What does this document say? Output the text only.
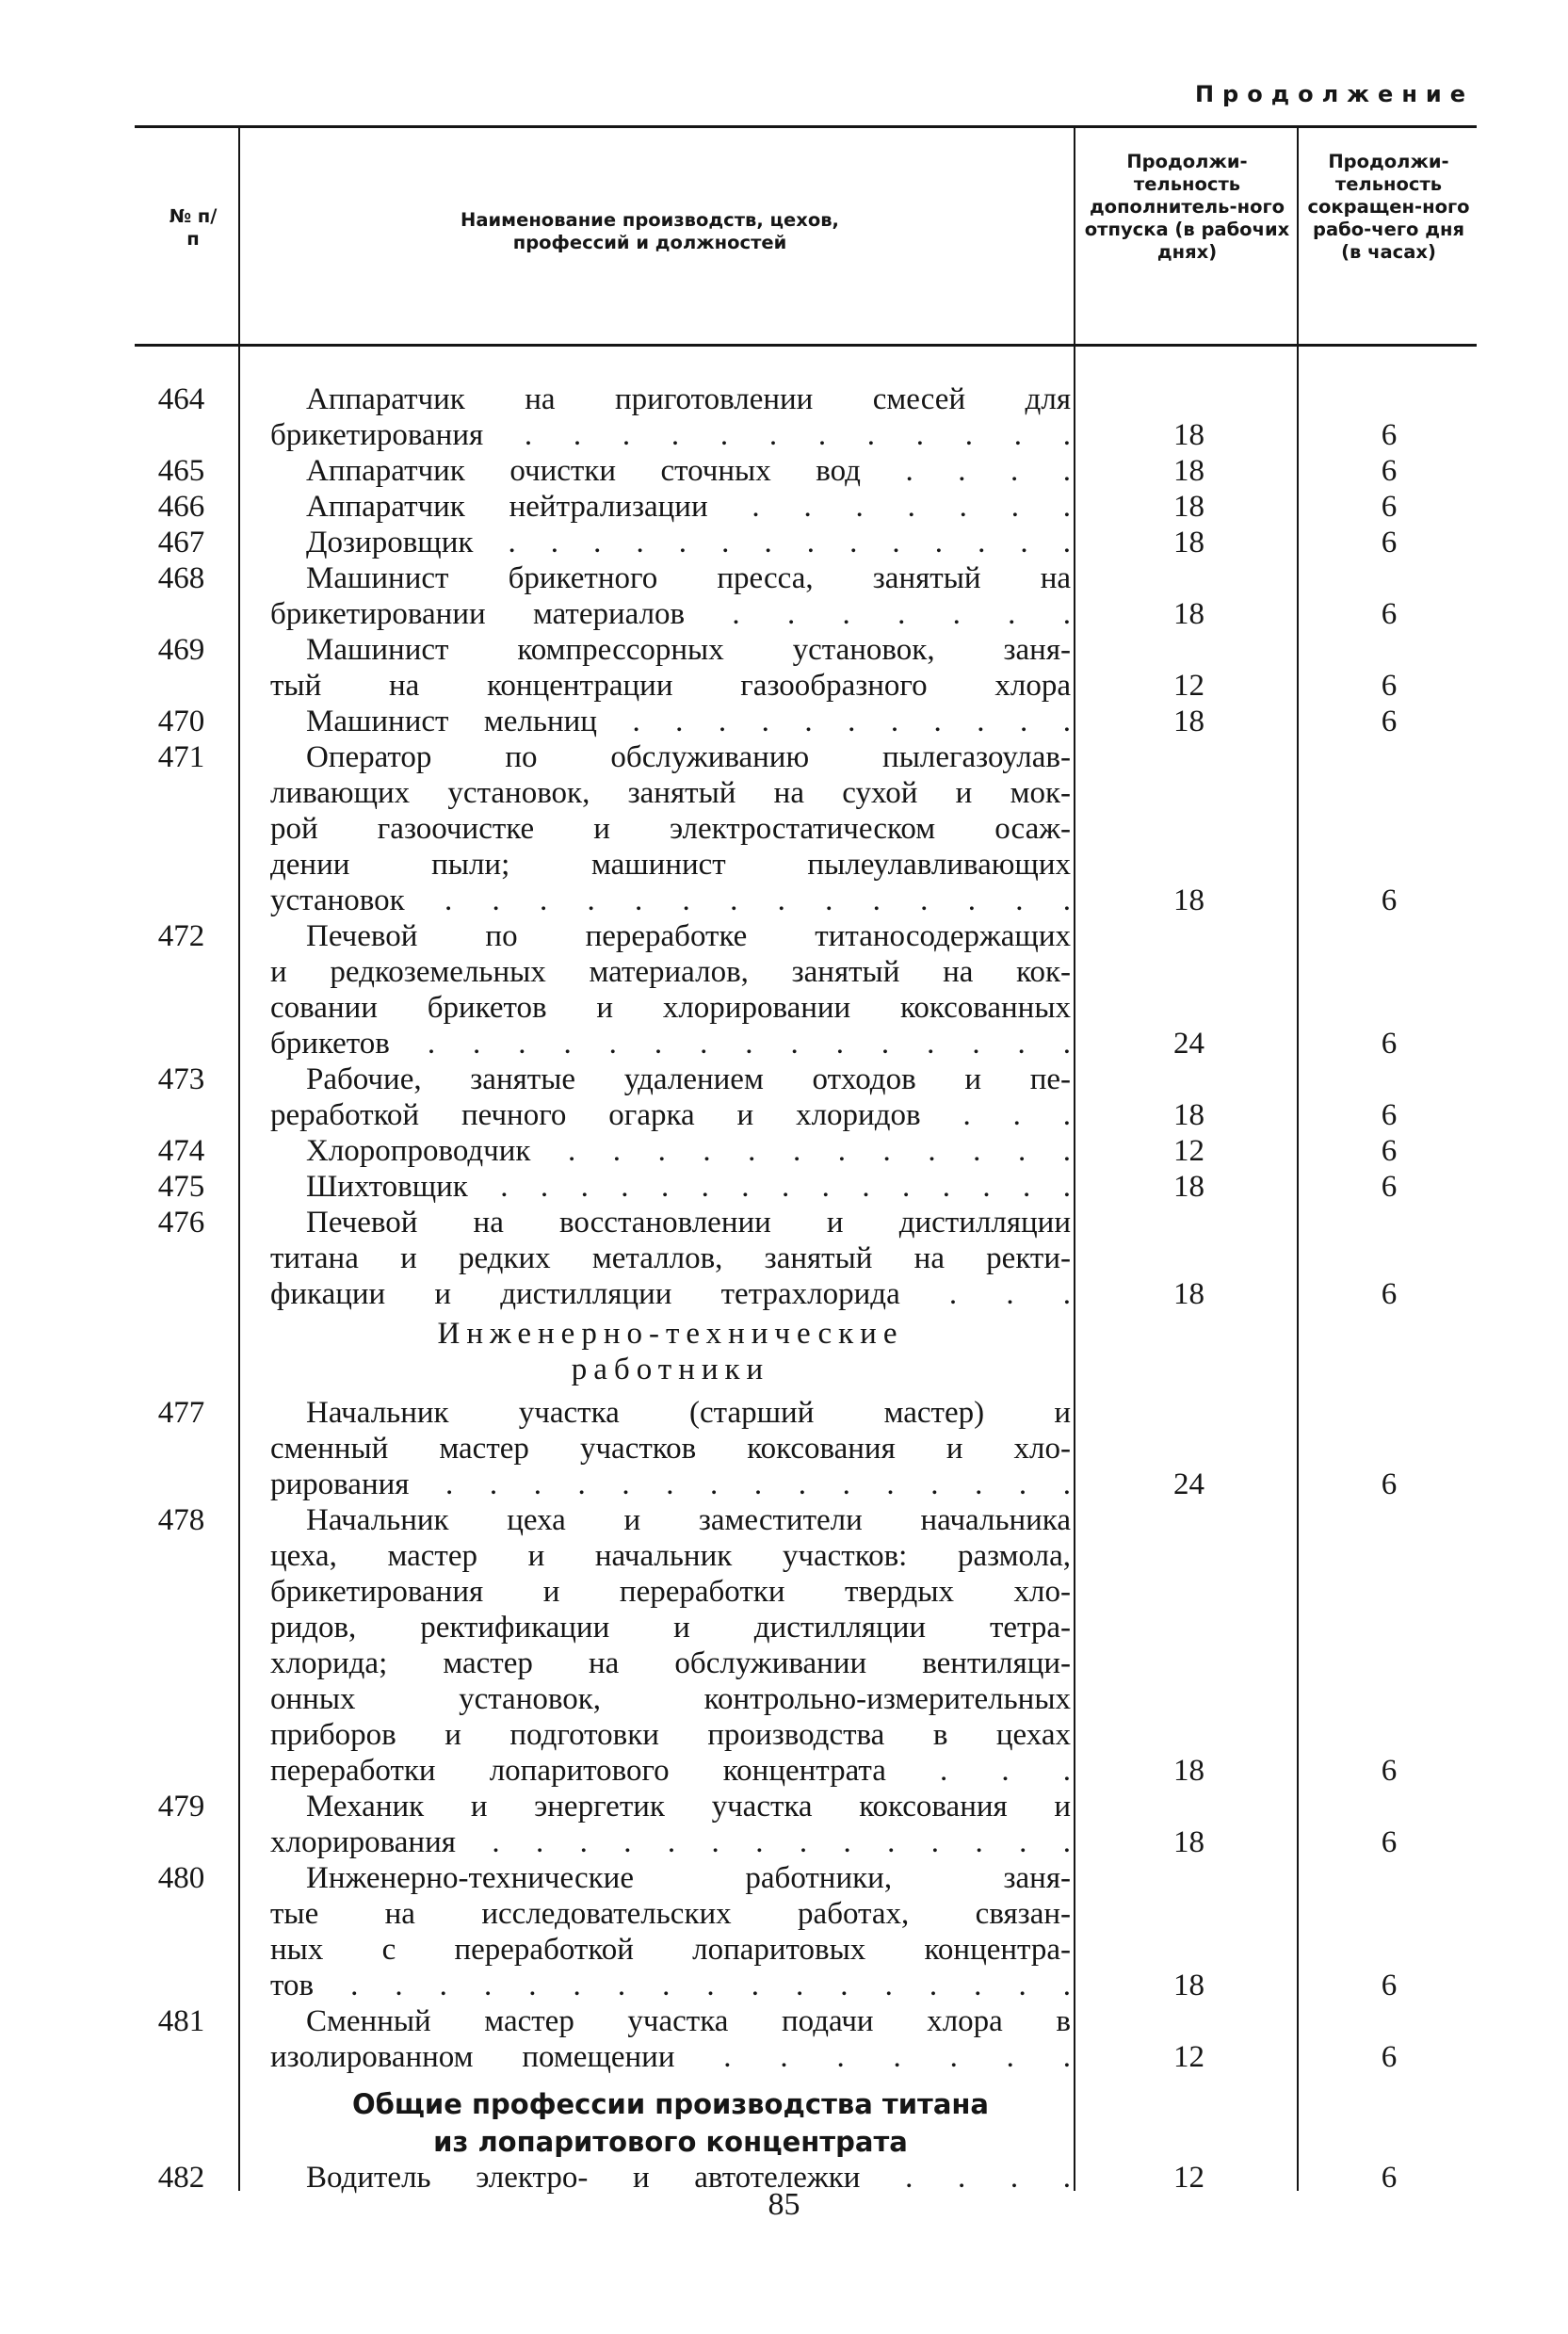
Продолжение
№ п/п
Наименование производств, цехов, профессий и должностей
Продолжи-тельность дополнитель-ного отпуска (в рабочих днях)
Продолжи-тельность сокращен-ного рабо-чего дня (в часах)
464	Аппаратчик на приготовлении смесей для
брикетирования . . . . . . . . . . . .	18	6
465	Аппаратчик очистки сточных вод . . . .	18	6
466	Аппаратчик нейтрализации . . . . . . .	18	6
467	Дозировщик . . . . . . . . . . . . . .	18	6
468	Машинист брикетного пресса, занятый на
брикетировании материалов . . . . . . .	18	6
469	Машинист компрессорных установок, заня-
тый на концентрации газообразного хлора	12	6
470	Машинист мельниц . . . . . . . . . . .	18	6
471	Оператор по обслуживанию пылегазоулав-
ливающих установок, занятый на сухой и мок-
рой газоочистке и электростатическом осаж-
дении пыли; машинист пылеулавливающих
установок . . . . . . . . . . . . . .	18	6
472	Печевой по переработке титаносодержащих
и редкоземельных материалов, занятый на кок-
совании брикетов и хлорировании коксованных
брикетов . . . . . . . . . . . . . . .	24	6
473	Рабочие, занятые удалением отходов и пе-
реработкой печного огарка и хлоридов . . .	18	6
474	Хлоропроводчик . . . . . . . . . . . .	12	6
475	Шихтовщик . . . . . . . . . . . . . . .	18	6
476	Печевой на восстановлении и дистилляции
титана и редких металлов, занятый на ректи-
фикации и дистилляции тетрахлорида . . .	18	6
Инженерно-технические
работники
477	Начальник участка (старший мастер) и
сменный мастер участков коксования и хло-
рирования . . . . . . . . . . . . . . .	24	6
478	Начальник цеха и заместители начальника
цеха, мастер и начальник участков: размола,
брикетирования и переработки твердых хло-
ридов, ректификации и дистилляции тетра-
хлорида; мастер на обслуживании вентиляци-
онных установок, контрольно-измерительных
приборов и подготовки производства в цехах
переработки лопаритового концентрата . . .	18	6
479	Механик и энергетик участка коксования и
хлорирования . . . . . . . . . . . . . .	18	6
480	Инженерно-технические работники, заня-
тые на исследовательских работах, связан-
ных с переработкой лопаритовых концентра-
тов . . . . . . . . . . . . . . . . .	18	6
481	Сменный мастер участка подачи хлора в
изолированном помещении . . . . . . .	12	6
Общие профессии производства титана
из лопаритового концентрата
482	Водитель электро- и автотележки . . . .	12	6
85
